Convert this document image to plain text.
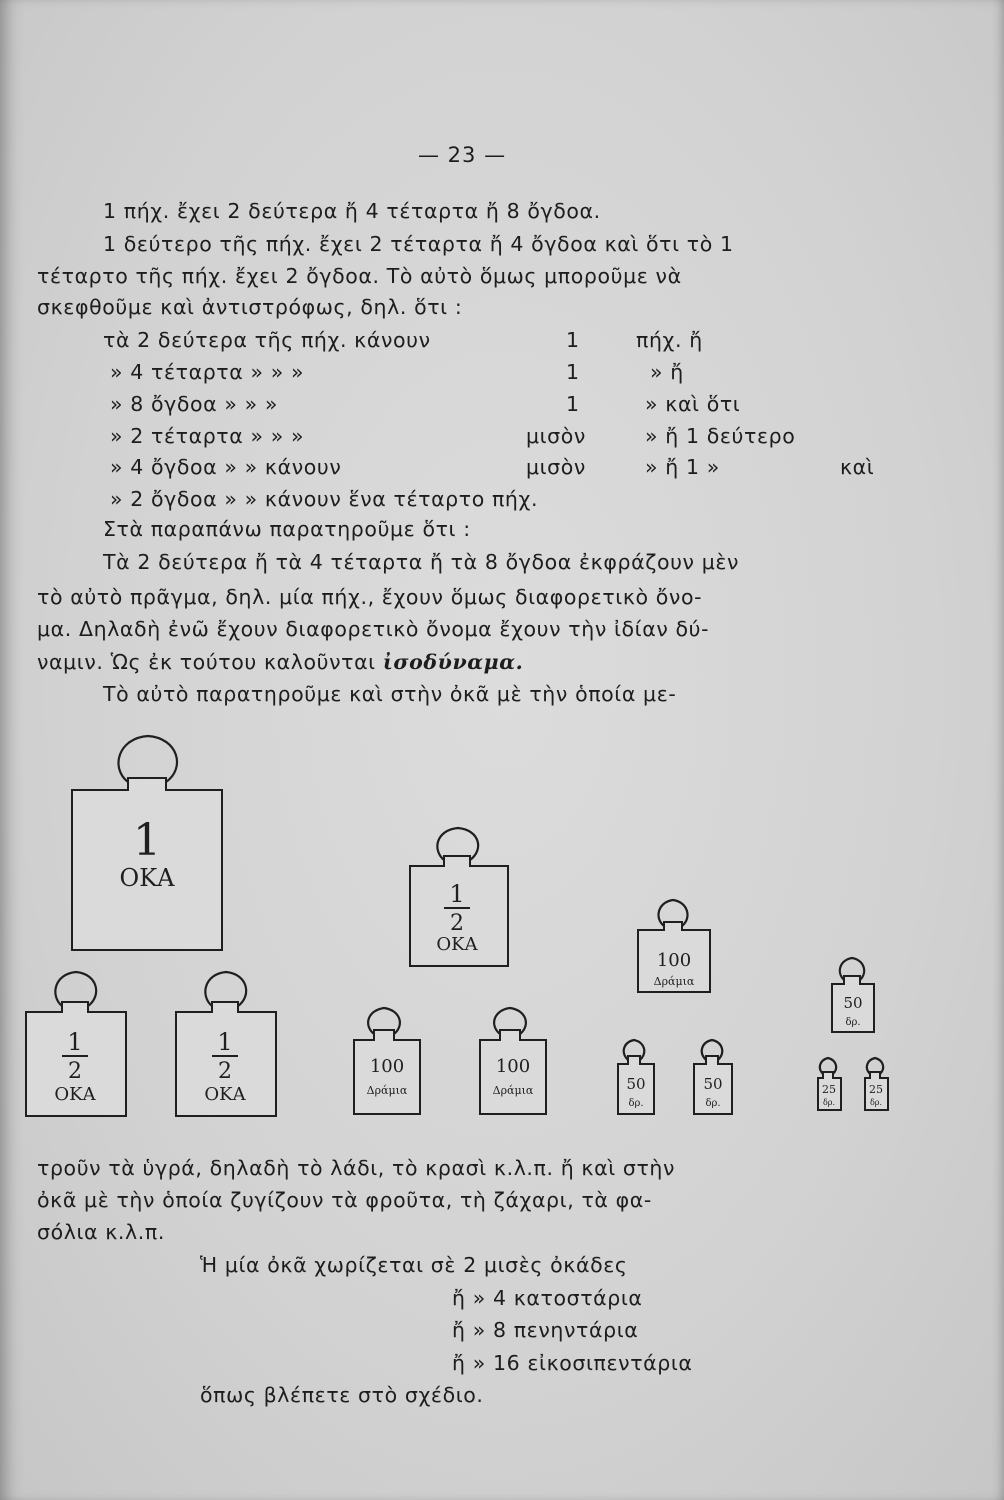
— 23 —
1 πήχ. ἔχει 2 δεύτερα ἤ 4 τέταρτα ἤ 8 ὄγδοα.
1 δεύτερο τῆς πήχ. ἔχει 2 τέταρτα ἤ 4 ὄγδοα καὶ ὅτι τὸ 1
τέταρτο τῆς πήχ. ἔχει 2 ὄγδοα. Τὸ αὐτὸ ὅμως μποροῦμε νὰ
σκεφθοῦμε καὶ ἀντιστρόφως, δηλ. ὅτι :
τὰ 2 δεύτερα τῆς πήχ. κάνουν	1	πήχ. ἤ
» 4 τέταρτα » » »	1	» ἤ
» 8 ὄγδοα » » »	1	» καὶ ὅτι
» 2 τέταρτα » » »	μισὸν	» ἤ 1 δεύτερο
» 4 ὄγδοα » » κάνουν	μισὸν	» ἤ 1 »	καὶ
» 2 ὄγδοα » » κάνουν ἕνα τέταρτο πήχ.
Στὰ παραπάνω παρατηροῦμε ὅτι :
Τὰ 2 δεύτερα ἤ τὰ 4 τέταρτα ἤ τὰ 8 ὄγδοα ἐκφράζουν μὲν
τὸ αὐτὸ πρᾶγμα, δηλ. μία πήχ., ἔχουν ὅμως διαφορετικὸ ὄνο-
μα. Δηλαδὴ ἐνῶ ἔχουν διαφορετικὸ ὄνομα ἔχουν τὴν ἰδίαν δύ-
ναμιν. Ὡς ἐκ τούτου καλοῦνται ἰσοδύναμα.
Τὸ αὐτὸ παρατηροῦμε καὶ στὴν ὀκᾶ μὲ τὴν ὁποία με-
1
ΟΚΑ
1
2
ΟΚΑ
1
2
ΟΚΑ
1
2
ΟΚΑ
100
Δράμια
100
Δράμια
100
Δράμια
50
δρ.
50
δρ.
50
δρ.
25
δρ.
25
δρ.
τροῦν τὰ ὑγρά, δηλαδὴ τὸ λάδι, τὸ κρασὶ κ.λ.π. ἤ καὶ στὴν
ὀκᾶ μὲ τὴν ὁποία ζυγίζουν τὰ φροῦτα, τὴ ζάχαρι, τὰ φα-
σόλια κ.λ.π.
Ἡ μία ὀκᾶ χωρίζεται σὲ 2 μισὲς ὀκάδες
ἤ » 4 κατοστάρια
ἤ » 8 πενηντάρια
ἤ » 16 εἰκοσιπεντάρια
ὅπως βλέπετε στὸ σχέδιο.
